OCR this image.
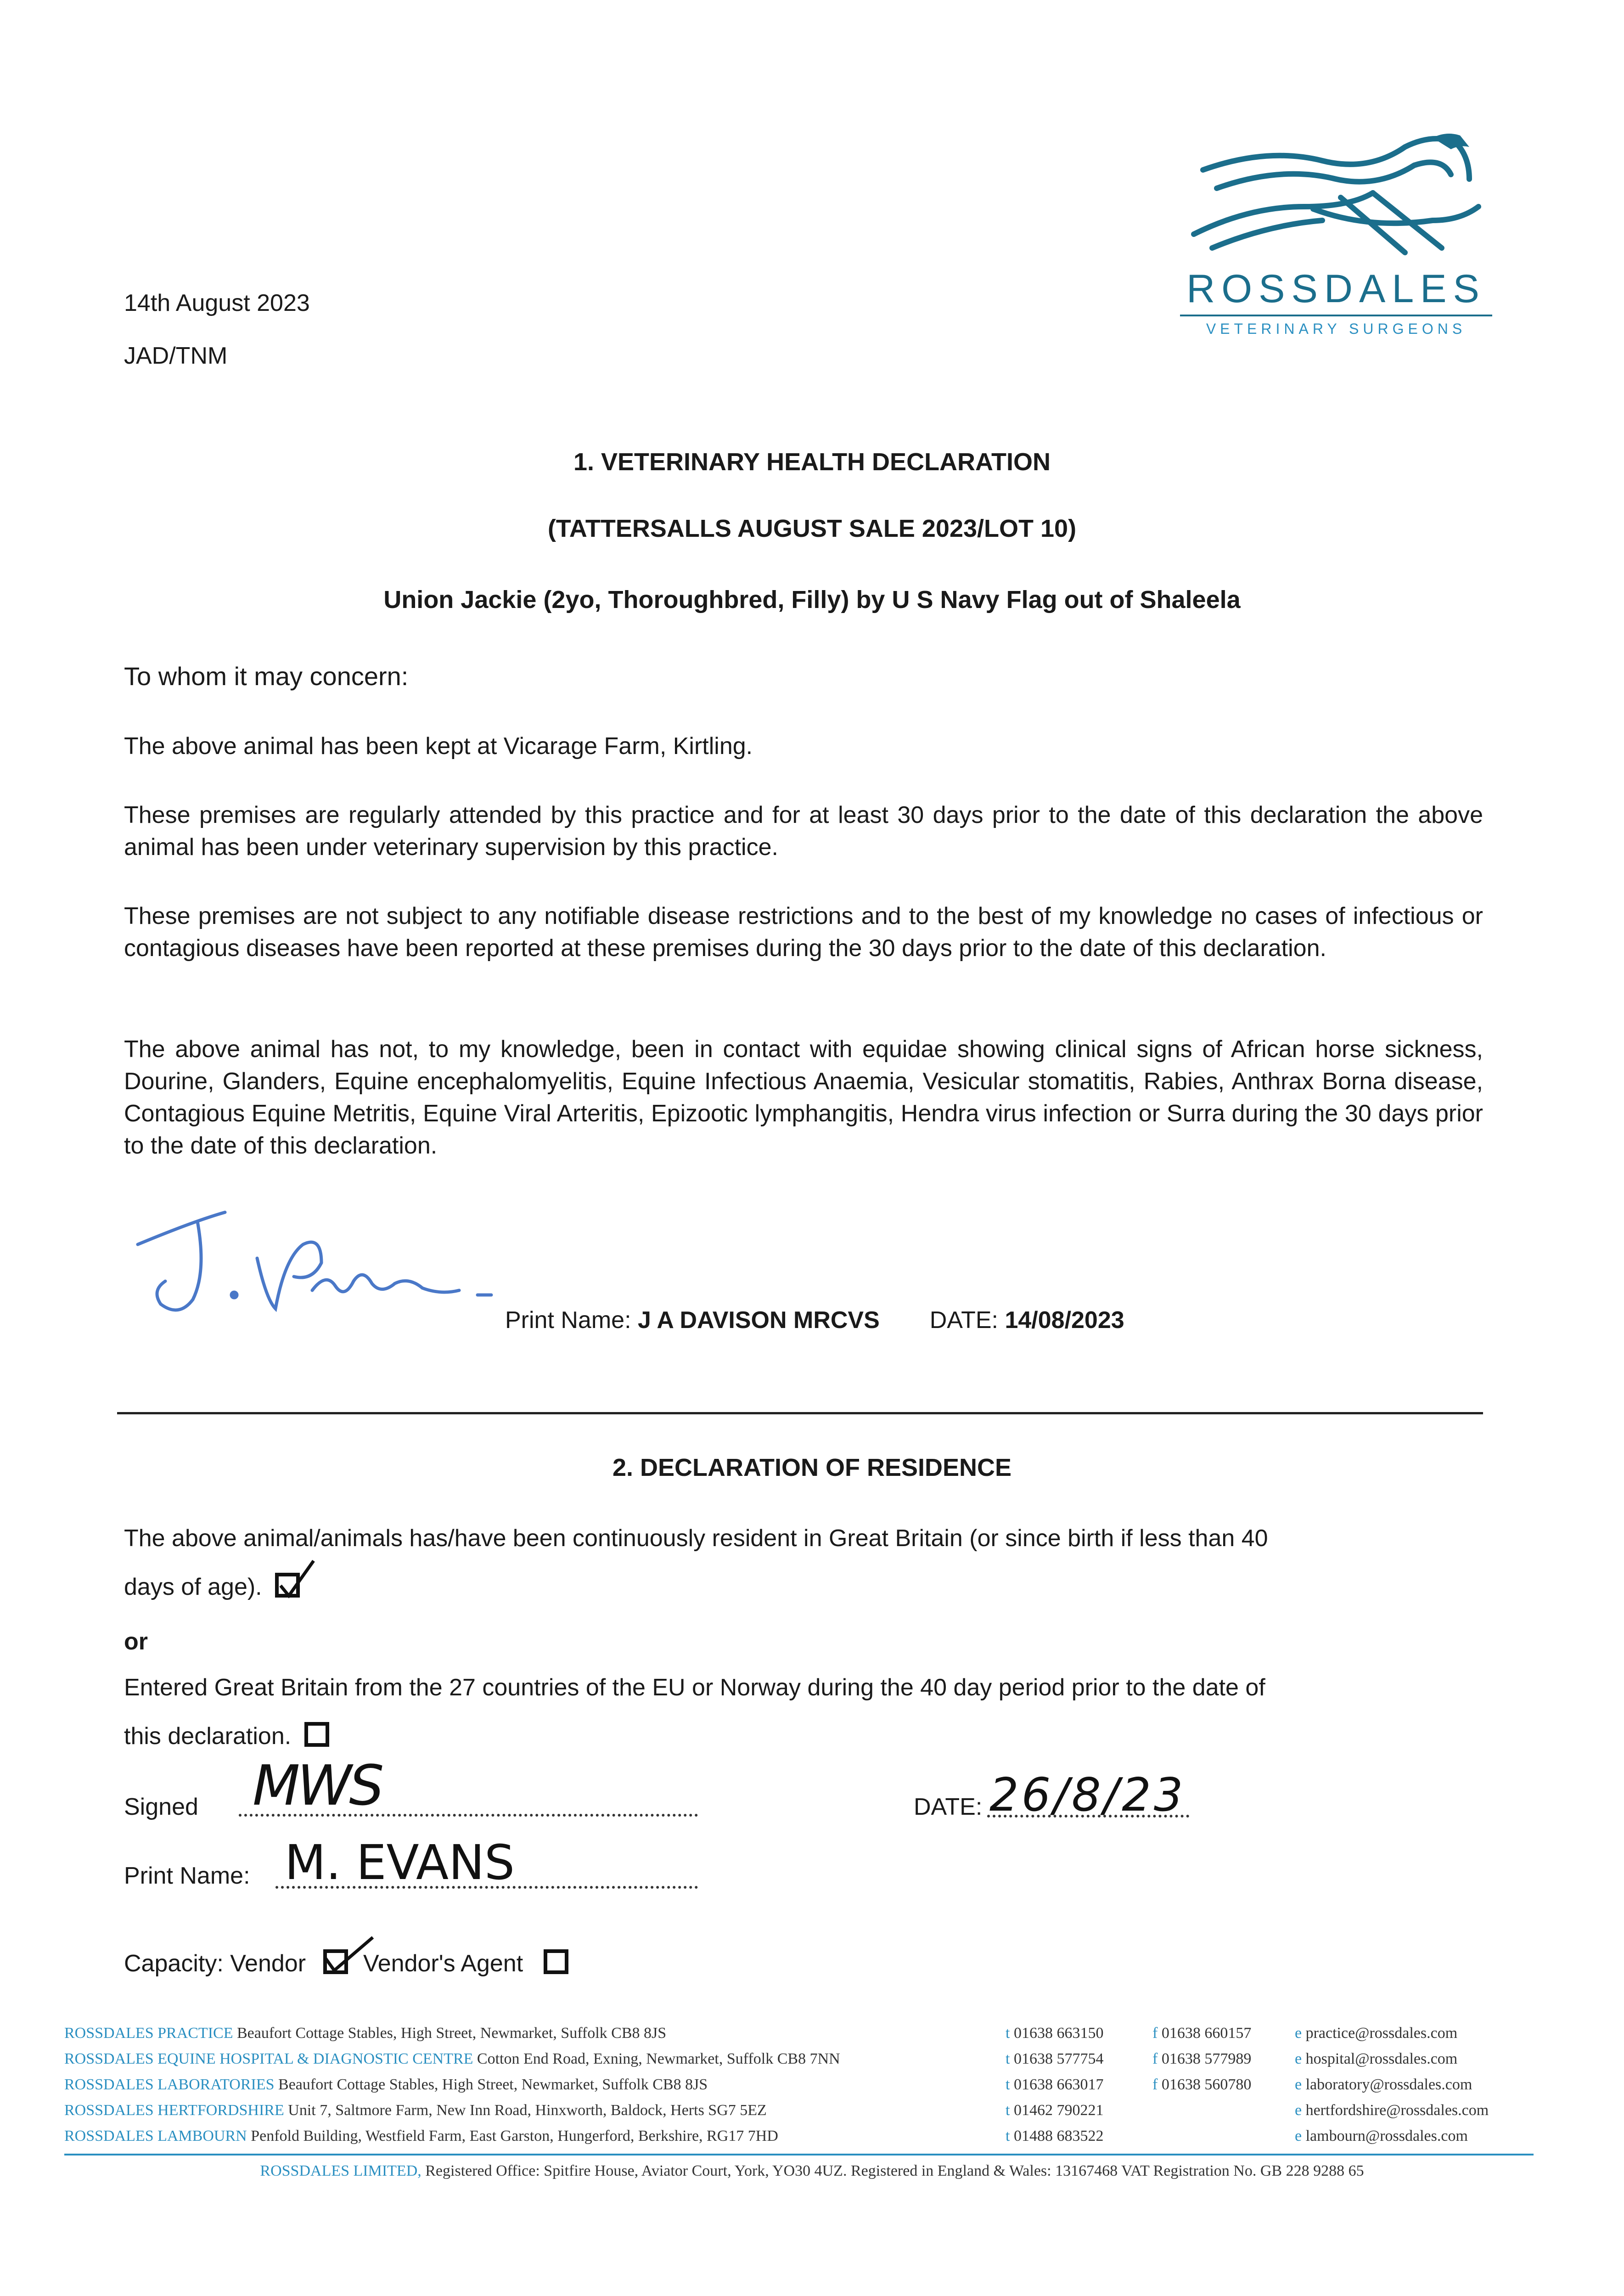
14th August 2023
JAD/TNM
ROSSDALES
VETERINARY SURGEONS
1. VETERINARY HEALTH DECLARATION
(TATTERSALLS AUGUST SALE 2023/LOT 10)
Union Jackie (2yo, Thoroughbred, Filly) by U S Navy Flag out of Shaleela
To whom it may concern:
The above animal has been kept at Vicarage Farm, Kirtling.
These premises are regularly attended by this practice and for at least 30 days prior to the date of this declaration the above animal has been under veterinary supervision by this practice.
These premises are not subject to any notifiable disease restrictions and to the best of my knowledge no cases of infectious or contagious diseases have been reported at these premises during the 30 days prior to the date of this declaration.
The above animal has not, to my knowledge, been in contact with equidae showing clinical signs of African horse sickness, Dourine, Glanders, Equine encephalomyelitis, Equine Infectious Anaemia, Vesicular stomatitis, Rabies, Anthrax Borna disease, Contagious Equine Metritis, Equine Viral Arteritis, Epizootic lymphangitis, Hendra virus infection or Surra during the 30 days prior to the date of this declaration.
Print Name: J A DAVISON MRCVS DATE: 14/08/2023
2. DECLARATION OF RESIDENCE
The above animal/animals has/have been continuously resident in Great Britain (or since birth if less than 40
days of age).
or
Entered Great Britain from the 27 countries of the EU or Norway during the 40 day period prior to the date of
this declaration.
Signed MWS	DATE: 26/8/23
Print Name: M. EVANS
Capacity: Vendor Vendor's Agent
ROSSDALES PRACTICE Beaufort Cottage Stables, High Street, Newmarket, Suffolk CB8 8JS
ROSSDALES EQUINE HOSPITAL & DIAGNOSTIC CENTRE Cotton End Road, Exning, Newmarket, Suffolk CB8 7NN
ROSSDALES LABORATORIES Beaufort Cottage Stables, High Street, Newmarket, Suffolk CB8 8JS
ROSSDALES HERTFORDSHIRE Unit 7, Saltmore Farm, New Inn Road, Hinxworth, Baldock, Herts SG7 5EZ
ROSSDALES LAMBOURN Penfold Building, Westfield Farm, East Garston, Hungerford, Berkshire, RG17 7HD
t 01638 663150
t 01638 577754
t 01638 663017
t 01462 790221
t 01488 683522
f 01638 660157
f 01638 577989
f 01638 560780
e practice@rossdales.com
e hospital@rossdales.com
e laboratory@rossdales.com
e hertfordshire@rossdales.com
e lambourn@rossdales.com
ROSSDALES LIMITED, Registered Office: Spitfire House, Aviator Court, York, YO30 4UZ. Registered in England & Wales: 13167468 VAT Registration No. GB 228 9288 65
